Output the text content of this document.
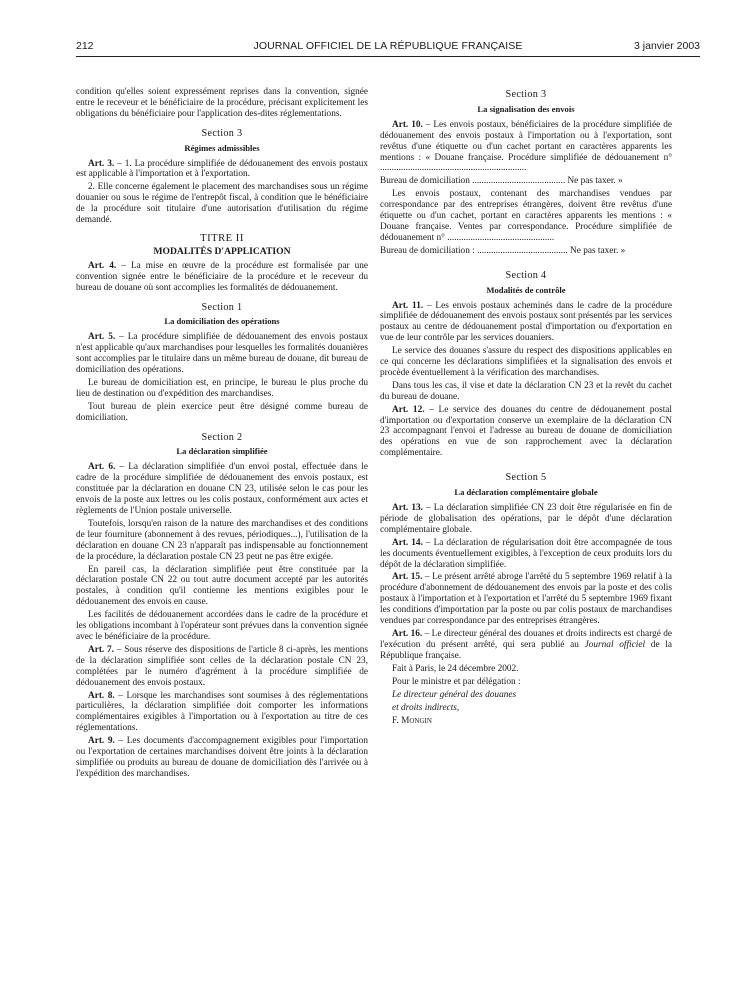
212	JOURNAL OFFICIEL DE LA RÉPUBLIQUE FRANÇAISE	3 janvier 2003

condition qu'elles soient expressément reprises dans la convention, signée entre le receveur et le bénéficiaire de la procédure, précisant explicitement les obligations du bénéficiaire pour l'application des-dites réglementations.

Section 3
Régimes admissibles

Art. 3. – 1. La procédure simplifiée de dédouanement des envois postaux est applicable à l'importation et à l'exportation.

2. Elle concerne également le placement des marchandises sous un régime douanier ou sous le régime de l'entrepôt fiscal, à condition que le bénéficiaire de la procédure soit titulaire d'une autorisation d'utilisation du régime demandé.

TITRE II
MODALITÉS D'APPLICATION

Art. 4. – La mise en œuvre de la procédure est formalisée par une convention signée entre le bénéficiaire de la procédure et le receveur du bureau de douane où sont accomplies les formalités de dédouanement.

Section 1
La domiciliation des opérations

Art. 5. – La procédure simplifiée de dédouanement des envois postaux n'est applicable qu'aux marchandises pour lesquelles les formalités douanières sont accomplies par le titulaire dans un même bureau de douane, dit bureau de domiciliation des opérations.

Le bureau de domiciliation est, en principe, le bureau le plus proche du lieu de destination ou d'expédition des marchandises.

Tout bureau de plein exercice peut être désigné comme bureau de domiciliation.

Section 2
La déclaration simplifiée

Art. 6. – La déclaration simplifiée d'un envoi postal, effectuée dans le cadre de la procédure simplifiée de dédouanement des envois postaux, est constituée par la déclaration en douane CN 23, utilisée selon le cas pour les envois de la poste aux lettres ou les colis postaux, conformément aux actes et règlements de l'Union postale universelle.

Toutefois, lorsqu'en raison de la nature des marchandises et des conditions de leur fourniture (abonnement à des revues, périodiques...), l'utilisation de la déclaration en douane CN 23 n'apparaît pas indispensable au fonctionnement de la procédure, la déclaration postale CN 23 peut ne pas être exigée.

En pareil cas, la déclaration simplifiée peut être constituée par la déclaration postale CN 22 ou tout autre document accepté par les autorités postales, à condition qu'il contienne les mentions exigibles pour le dédouanement des envois en cause.

Les facilités de dédouanement accordées dans le cadre de la procédure et les obligations incombant à l'opérateur sont prévues dans la convention signée avec le bénéficiaire de la procédure.

Art. 7. – Sous réserve des dispositions de l'article 8 ci-après, les mentions de la déclaration simplifiée sont celles de la déclaration postale CN 23, complétées par le numéro d'agrément à la procédure simplifiée de dédouanement des envois postaux.

Art. 8. – Lorsque les marchandises sont soumises à des réglementations particulières, la déclaration simplifiée doit comporter les informations complémentaires exigibles à l'importation ou à l'exportation au titre de ces réglementations.

Art. 9. – Les documents d'accompagnement exigibles pour l'importation ou l'exportation de certaines marchandises doivent être joints à la déclaration simplifiée ou produits au bureau de douane de domiciliation dès l'arrivée ou à l'expédition des marchandises.

Section 3
La signalisation des envois

Art. 10. – Les envois postaux, bénéficiaires de la procédure simplifiée de dédouanement des envois postaux à l'importation ou à l'exportation, sont revêtus d'une étiquette ou d'un cachet portant en caractères apparents les mentions : « Douane française. Procédure simplifiée de dédouanement n° ...............................................................

Bureau de domiciliation ........................................ Ne pas taxer. »

Les envois postaux, contenant des marchandises vendues par correspondance par des entreprises étrangères, doivent être revêtus d'une étiquette ou d'un cachet, portant en caractères apparents les mentions : « Douane française. Ventes par correspondance. Procédure simplifiée de dédouanement n° ..............................................

Bureau de domiciliation : ....................................... Ne pas taxer. »

Section 4
Modalités de contrôle

Art. 11. – Les envois postaux acheminés dans le cadre de la procédure simplifiée de dédouanement des envois postaux sont présentés par les services postaux au centre de dédouanement postal d'importation ou d'exportation en vue de leur contrôle par les services douaniers.

Le service des douanes s'assure du respect des dispositions applicables en ce qui concerne les déclarations simplifiées et la signalisation des envois et procède éventuellement à la vérification des marchandises.

Dans tous les cas, il vise et date la déclaration CN 23 et la revêt du cachet du bureau de douane.

Art. 12. – Le service des douanes du centre de dédouanement postal d'importation ou d'exportation conserve un exemplaire de la déclaration CN 23 accompagnant l'envoi et l'adresse au bureau de douane de domiciliation des opérations en vue de son rapprochement avec la déclaration complémentaire.

Section 5
La déclaration complémentaire globale

Art. 13. – La déclaration simplifiée CN 23 doit être régularisée en fin de période de globalisation des opérations, par le dépôt d'une déclaration complémentaire globale.

Art. 14. – La déclaration de régularisation doit être accompagnée de tous les documents éventuellement exigibles, à l'exception de ceux produits lors du dépôt de la déclaration simplifiée.

Art. 15. – Le présent arrêté abroge l'arrêté du 5 septembre 1969 relatif à la procédure d'abonnement de dédouanement des envois par la poste et des colis postaux à l'importation et à l'exportation et l'arrêté du 5 septembre 1969 fixant les conditions d'importation par la poste ou par colis postaux de marchandises vendues par correspondance par des entreprises étrangères.

Art. 16. – Le directeur général des douanes et droits indirects est chargé de l'exécution du présent arrêté, qui sera publié au Journal officiel de la République française.

Fait à Paris, le 24 décembre 2002.

Pour le ministre et par délégation :

Le directeur général des douanes

et droits indirects,

F. Mongin
